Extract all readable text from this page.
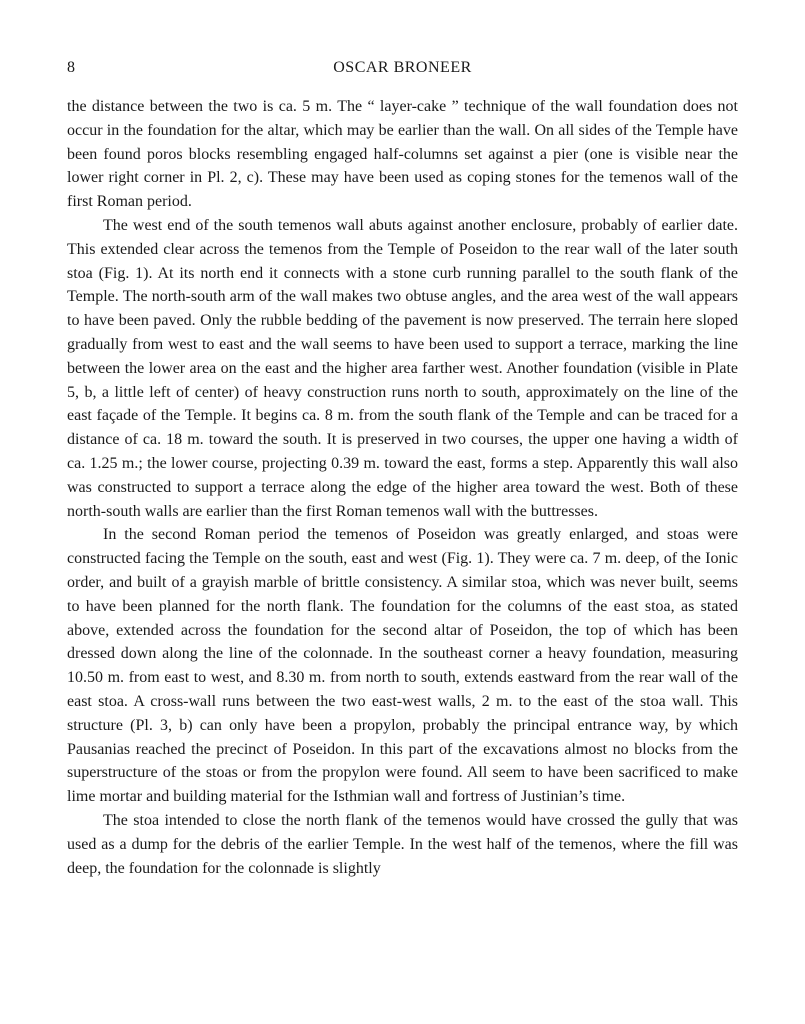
8	OSCAR BRONEER

the distance between the two is ca. 5 m. The “ layer-cake ” technique of the wall foundation does not occur in the foundation for the altar, which may be earlier than the wall. On all sides of the Temple have been found poros blocks resembling engaged half-columns set against a pier (one is visible near the lower right corner in Pl. 2, c). These may have been used as coping stones for the temenos wall of the first Roman period.

The west end of the south temenos wall abuts against another enclosure, probably of earlier date. This extended clear across the temenos from the Temple of Poseidon to the rear wall of the later south stoa (Fig. 1). At its north end it connects with a stone curb running parallel to the south flank of the Temple. The north-south arm of the wall makes two obtuse angles, and the area west of the wall appears to have been paved. Only the rubble bedding of the pavement is now preserved. The terrain here sloped gradually from west to east and the wall seems to have been used to support a terrace, marking the line between the lower area on the east and the higher area farther west. Another foundation (visible in Plate 5, b, a little left of center) of heavy construction runs north to south, approximately on the line of the east façade of the Temple. It begins ca. 8 m. from the south flank of the Temple and can be traced for a distance of ca. 18 m. toward the south. It is preserved in two courses, the upper one having a width of ca. 1.25 m.; the lower course, projecting 0.39 m. toward the east, forms a step. Apparently this wall also was constructed to support a terrace along the edge of the higher area toward the west. Both of these north-south walls are earlier than the first Roman temenos wall with the buttresses.

In the second Roman period the temenos of Poseidon was greatly enlarged, and stoas were constructed facing the Temple on the south, east and west (Fig. 1). They were ca. 7 m. deep, of the Ionic order, and built of a grayish marble of brittle consistency. A similar stoa, which was never built, seems to have been planned for the north flank. The foundation for the columns of the east stoa, as stated above, extended across the foundation for the second altar of Poseidon, the top of which has been dressed down along the line of the colonnade. In the southeast corner a heavy foundation, measuring 10.50 m. from east to west, and 8.30 m. from north to south, extends eastward from the rear wall of the east stoa. A cross-wall runs between the two east-west walls, 2 m. to the east of the stoa wall. This structure (Pl. 3, b) can only have been a propylon, probably the principal entrance way, by which Pausanias reached the precinct of Poseidon. In this part of the excavations almost no blocks from the superstructure of the stoas or from the propylon were found. All seem to have been sacrificed to make lime mortar and building material for the Isthmian wall and fortress of Justinian’s time.

The stoa intended to close the north flank of the temenos would have crossed the gully that was used as a dump for the debris of the earlier Temple. In the west half of the temenos, where the fill was deep, the foundation for the colonnade is slightly
